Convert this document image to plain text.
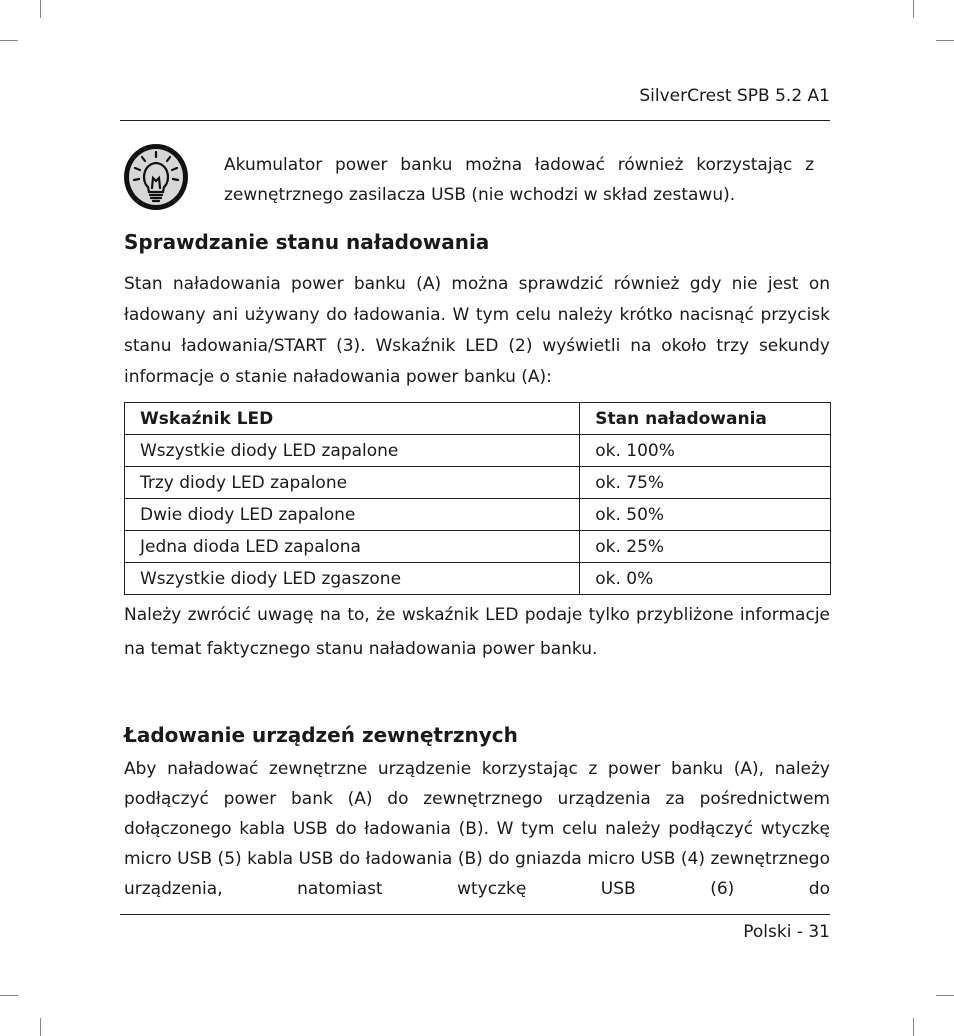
SilverCrest SPB 5.2 A1
Akumulator power banku można ładować również korzystając z zewnętrznego zasilacza USB (nie wchodzi w skład zestawu).
Sprawdzanie stanu naładowania

Stan naładowania power banku (A) można sprawdzić również gdy nie jest on ładowany ani używany do ładowania. W tym celu należy krótko nacisnąć przycisk stanu ładowania/START (3). Wskaźnik LED (2) wyświetli na około trzy sekundy informacje o stanie naładowania power banku (A):

Wskaźnik LED	Stan naładowania
Wszystkie diody LED zapalone	ok. 100%
Trzy diody LED zapalone	ok. 75%
Dwie diody LED zapalone	ok. 50%
Jedna dioda LED zapalona	ok. 25%
Wszystkie diody LED zgaszone	ok. 0%

Należy zwrócić uwagę na to, że wskaźnik LED podaje tylko przybliżone informacje na temat faktycznego stanu naładowania power banku.

Ładowanie urządzeń zewnętrznych

Aby naładować zewnętrzne urządzenie korzystając z power banku (A), należy podłączyć power bank (A) do zewnętrznego urządzenia za pośrednictwem dołączonego kabla USB do ładowania (B). W tym celu należy podłączyć wtyczkę micro USB (5) kabla USB do ładowania (B) do gniazda micro USB (4) zewnętrznego urządzenia, natomiast wtyczkę USB (6) do

Polski - 31
